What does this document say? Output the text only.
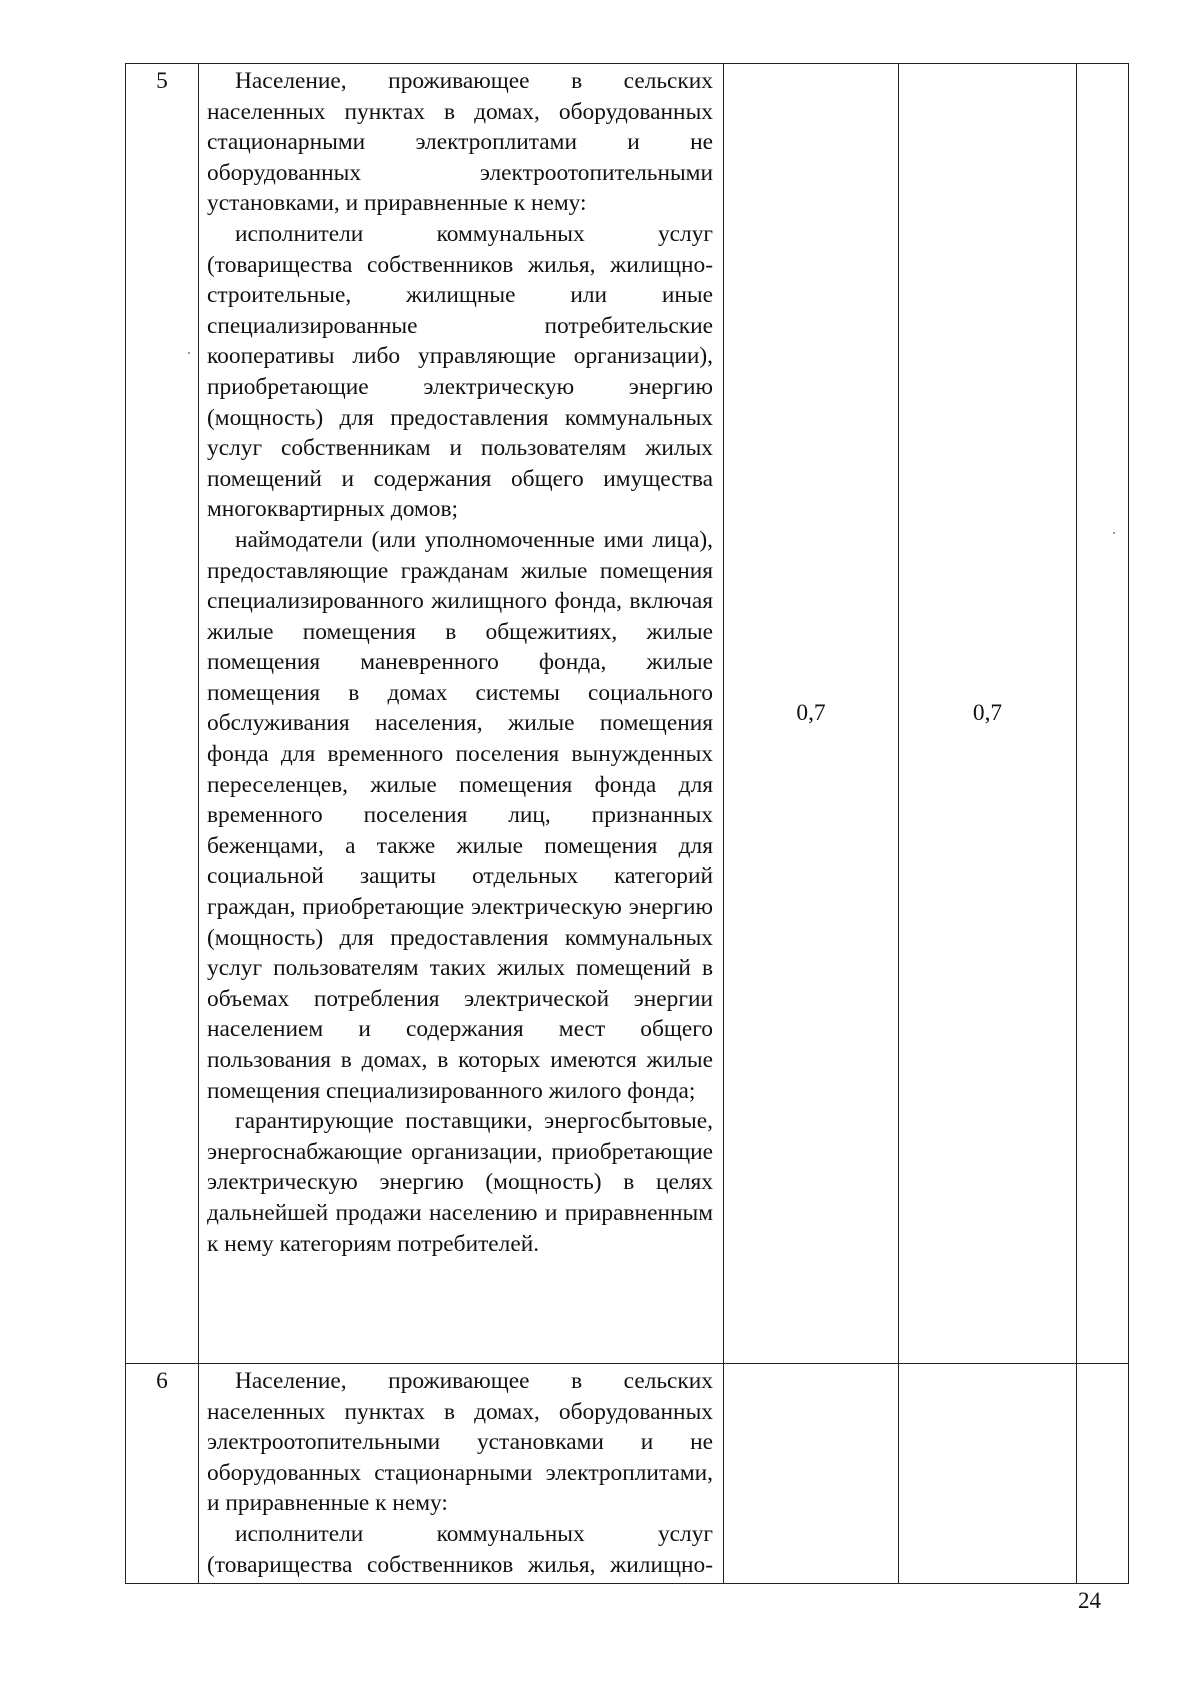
5	Население, проживающее в сельских населенных пунктах в домах, оборудованных стационарными электроплитами и не оборудованных электроотопительными установками, и приравненные к нему:

исполнители коммунальных услуг (товарищества собственников жилья, жилищно-строительные, жилищные или иные специализированные потребительские кооперативы либо управляющие организации), приобретающие электрическую энергию (мощность) для предоставления коммунальных услуг собственникам и пользователям жилых помещений и содержания общего имущества многоквартирных домов;

наймодатели (или уполномоченные ими лица), предоставляющие гражданам жилые помещения специализированного жилищного фонда, включая жилые помещения в общежитиях, жилые помещения маневренного фонда, жилые помещения в домах системы социального обслуживания населения, жилые помещения фонда для временного поселения вынужденных переселенцев, жилые помещения фонда для временного поселения лиц, признанных беженцами, а также жилые помещения для социальной защиты отдельных категорий граждан, приобретающие электрическую энергию (мощность) для предоставления коммунальных услуг пользователям таких жилых помещений в объемах потребления электрической энергии населением и содержания мест общего пользования в домах, в которых имеются жилые помещения специализированного жилого фонда;

гарантирующие поставщики, энергосбытовые, энергоснабжающие организации, приобретающие электрическую энергию (мощность) в целях дальнейшей продажи населению и приравненным к нему категориям потребителей.	0,7	0,7	
6	Население, проживающее в сельских населенных пунктах в домах, оборудованных электроотопительными установками и не оборудованных стационарными электроплитами, и приравненные к нему:

исполнители коммунальных услуг (товарищества собственников жилья, жилищно-			

24
